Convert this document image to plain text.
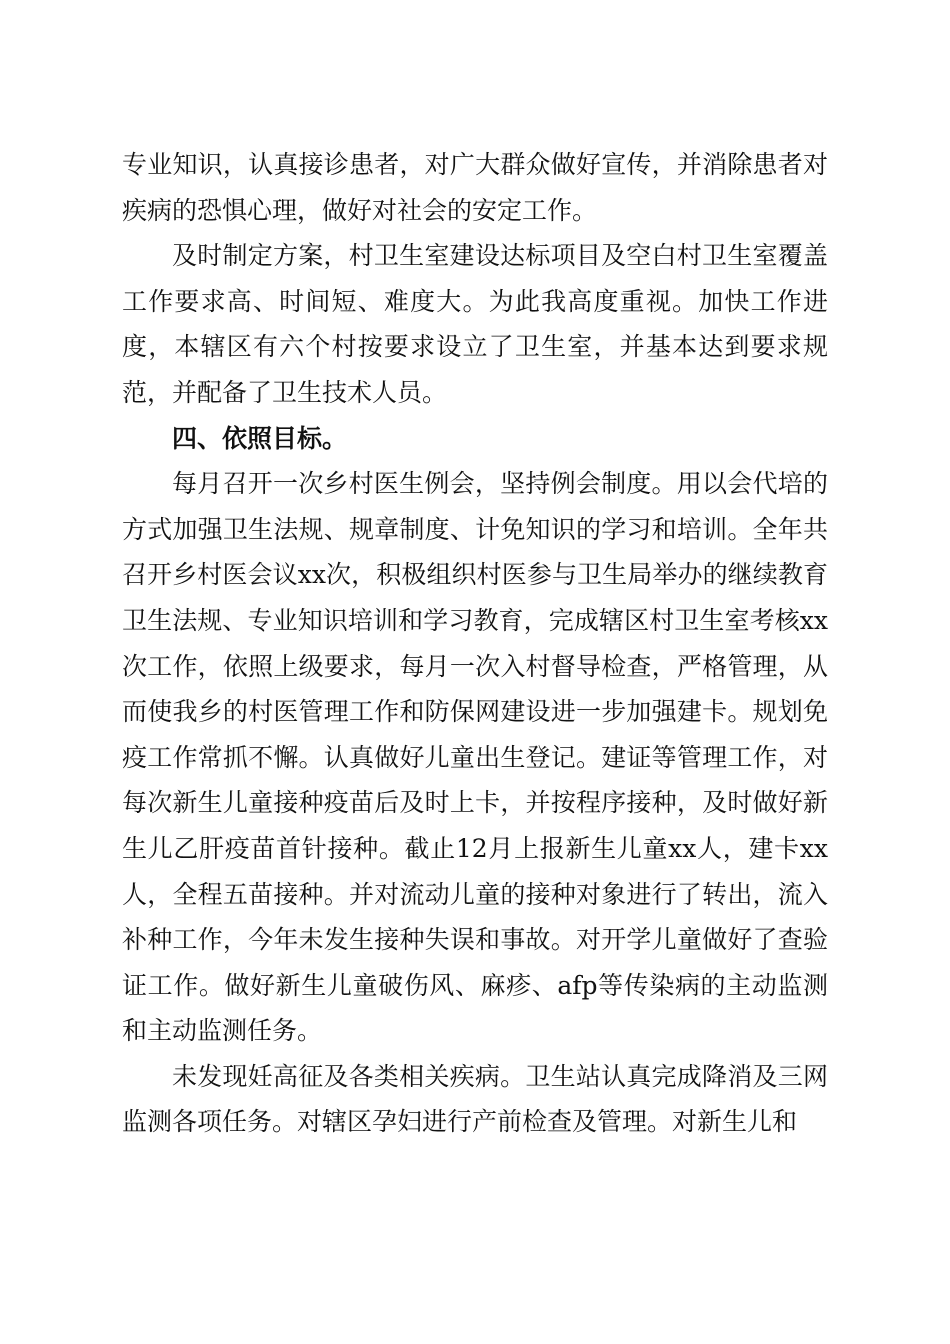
专业知识，认真接诊患者，对广大群众做好宣传，并消除患者对疾病的恐惧心理，做好对社会的安定工作。

及时制定方案，村卫生室建设达标项目及空白村卫生室覆盖工作要求高、时间短、难度大。为此我高度重视。加快工作进度，本辖区有六个村按要求设立了卫生室，并基本达到要求规范，并配备了卫生技术人员。

四、依照目标。

每月召开一次乡村医生例会，坚持例会制度。用以会代培的方式加强卫生法规、规章制度、计免知识的学习和培训。全年共召开乡村医会议xx次，积极组织村医参与卫生局举办的继续教育卫生法规、专业知识培训和学习教育，完成辖区村卫生室考核xx次工作，依照上级要求，每月一次入村督导检查，严格管理，从而使我乡的村医管理工作和防保网建设进一步加强建卡。规划免疫工作常抓不懈。认真做好儿童出生登记。建证等管理工作，对每次新生儿童接种疫苗后及时上卡，并按程序接种，及时做好新生儿乙肝疫苗首针接种。截止12月上报新生儿童xx人，建卡xx人，全程五苗接种。并对流动儿童的接种对象进行了转出，流入补种工作，今年未发生接种失误和事故。对开学儿童做好了查验证工作。做好新生儿童破伤风、麻疹、afp等传染病的主动监测和主动监测任务。

未发现妊高征及各类相关疾病。卫生站认真完成降消及三网监测各项任务。对辖区孕妇进行产前检查及管理。对新生儿和
